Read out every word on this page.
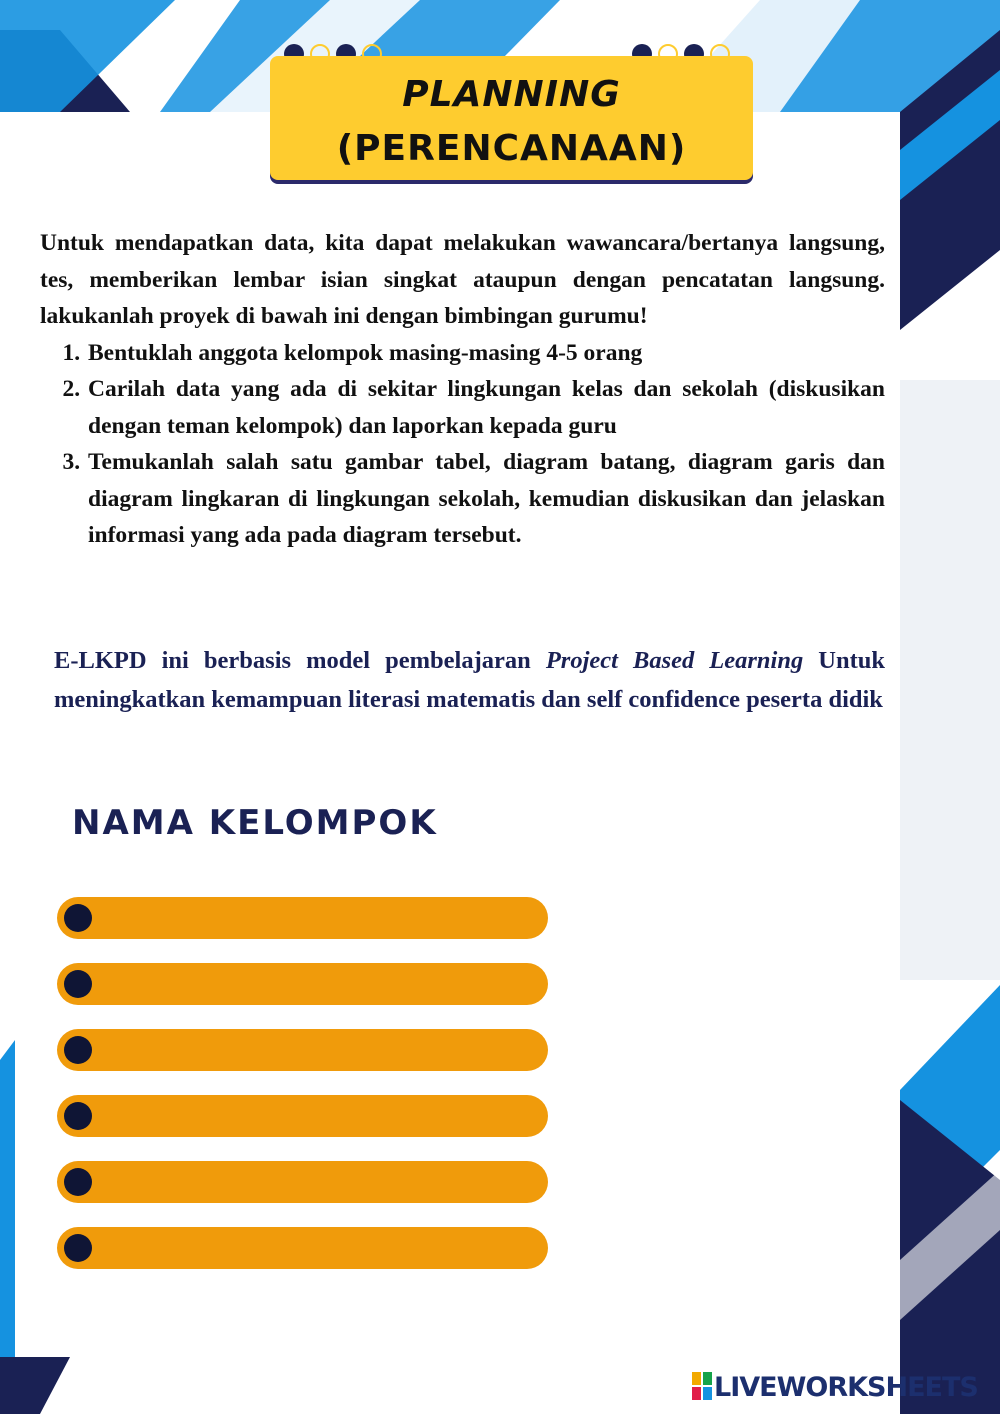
PLANNING
(PERENCANAAN)

Untuk mendapatkan data, kita dapat melakukan wawancara/bertanya langsung, tes, memberikan lembar isian singkat ataupun dengan pencatatan langsung. lakukanlah proyek di bawah ini dengan bimbingan gurumu!

1. Bentuklah anggota kelompok masing-masing 4-5 orang
2. Carilah data yang ada di sekitar lingkungan kelas dan sekolah (diskusikan dengan teman kelompok) dan laporkan kepada guru
3. Temukanlah salah satu gambar tabel, diagram batang, diagram garis dan diagram lingkaran di lingkungan sekolah, kemudian diskusikan dan jelaskan informasi yang ada pada diagram tersebut.
E-LKPD ini berbasis model pembelajaran Project Based Learning Untuk meningkatkan kemampuan literasi matematis dan self confidence peserta didik
NAMA KELOMPOK
LIVEWORKSHEETS
